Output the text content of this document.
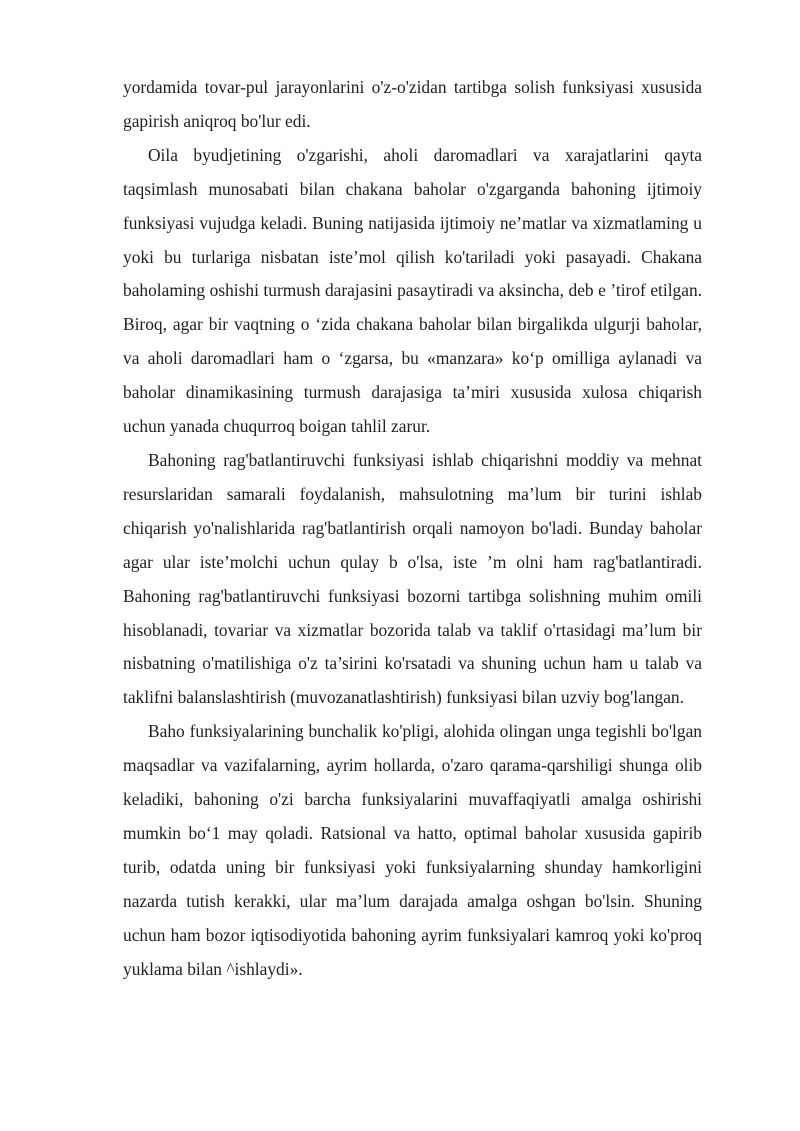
yordamida tovar-pul jarayonlarini o'z-o'zidan tartibga solish funksiyasi xususida gapirish aniqroq bo'lur edi.

Oila byudjetining o'zgarishi, aholi daromadlari va xarajatlarini qayta taqsimlash munosabati bilan chakana baholar o'zgarganda bahoning ijtimoiy funksiyasi vujudga keladi. Buning natijasida ijtimoiy ne’matlar va xizmatlaming u yoki bu turlariga nisbatan iste’mol qilish ko'tariladi yoki pasayadi. Chakana baholaming oshishi turmush darajasini pasaytiradi va aksincha, deb e ’tirof etilgan. Biroq, agar bir vaqtning o ‘zida chakana baholar bilan birgalikda ulgurji baholar, va aholi daromadlari ham o ‘zgarsa, bu «manzara» ko‘p omilliga aylanadi va baholar dinamikasining turmush darajasiga ta’miri xususida xulosa chiqarish uchun yanada chuqurroq boigan tahlil zarur.

Bahoning rag'batlantiruvchi funksiyasi ishlab chiqarishni moddiy va mehnat resurslaridan samarali foydalanish, mahsulotning ma’lum bir turini ishlab chiqarish yo'nalishlarida rag'batlantirish orqali namoyon bo'ladi. Bunday baholar agar ular iste’molchi uchun qulay b o'lsa, iste ’m olni ham rag'batlantiradi. Bahoning rag'batlantiruvchi funksiyasi bozorni tartibga solishning muhim omili hisoblanadi, tovariar va xizmatlar bozorida talab va taklif o'rtasidagi ma’lum bir nisbatning o'matilishiga o'z ta’sirini ko'rsatadi va shuning uchun ham u talab va taklifni balanslashtirish (muvozanatlashtirish) funksiyasi bilan uzviy bog'langan.

Baho funksiyalarining bunchalik ko'pligi, alohida olingan unga tegishli bo'lgan maqsadlar va vazifalarning, ayrim hollarda, o'zaro qarama-qarshiligi shunga olib keladiki, bahoning o'zi barcha funksiyalarini muvaffaqiyatli amalga oshirishi mumkin bo‘1 may qoladi. Ratsional va hatto, optimal baholar xususida gapirib turib, odatda uning bir funksiyasi yoki funksiyalarning shunday hamkorligini nazarda tutish kerakki, ular ma’lum darajada amalga oshgan bo'lsin. Shuning uchun ham bozor iqtisodiyotida bahoning ayrim funksiyalari kamroq yoki ko'proq yuklama bilan ^ishlaydi».
